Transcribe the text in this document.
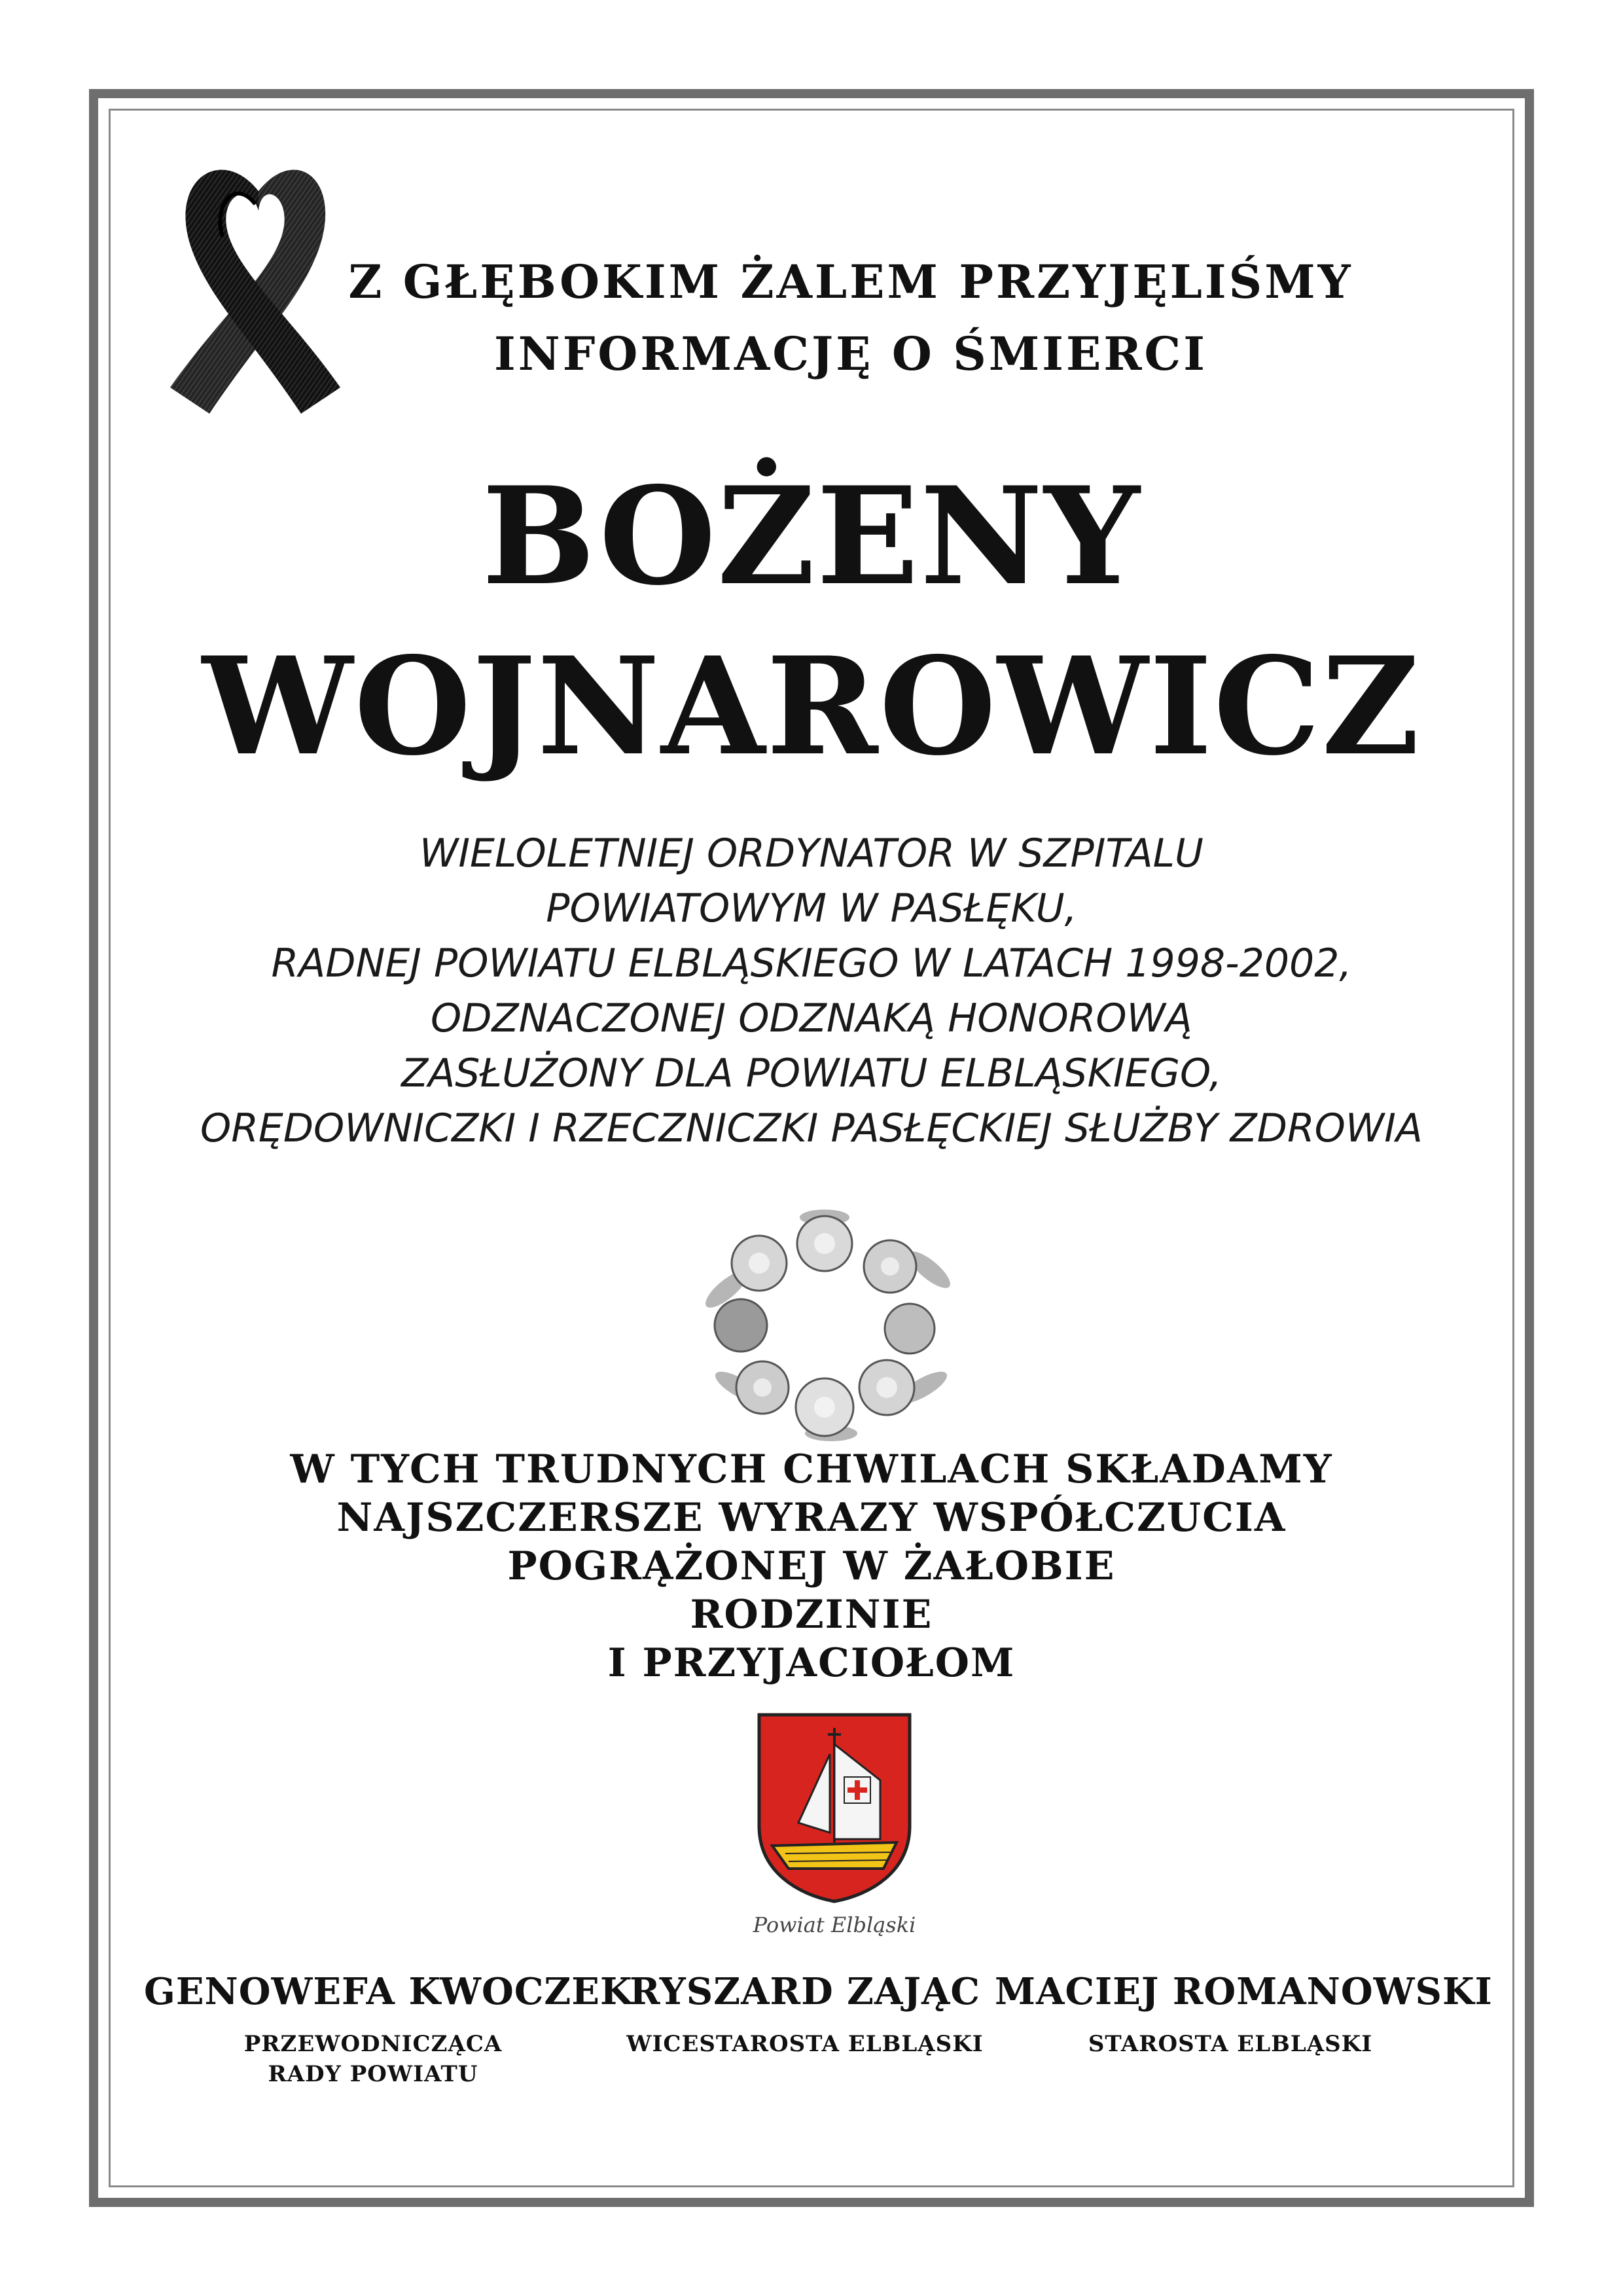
Z GŁĘBOKIM ŻALEM PRZYJĘLIŚMY
INFORMACJĘ O ŚMIERCI
BOŻENY
WOJNAROWICZ
WIELOLETNIEJ ORDYNATOR W SZPITALU
POWIATOWYM W PASŁĘKU,
RADNEJ POWIATU ELBLĄSKIEGO W LATACH 1998-2002,
ODZNACZONEJ ODZNAKĄ HONOROWĄ
ZASŁUŻONY DLA POWIATU ELBLĄSKIEGO,
ORĘDOWNICZKI I RZECZNICZKI PASŁĘCKIEJ SŁUŻBY ZDROWIA
W TYCH TRUDNYCH CHWILACH SKŁADAMY
NAJSZCZERSZE WYRAZY WSPÓŁCZUCIA
POGRĄŻONEJ W ŻAŁOBIE
RODZINIE
I PRZYJACIOŁOM
Powiat Elbląski
GENOWEFA KWOCZEK
PRZEWODNICZĄCA
RADY POWIATU
RYSZARD ZAJĄC
WICESTAROSTA ELBLĄSKI
MACIEJ ROMANOWSKI
STAROSTA ELBLĄSKI
